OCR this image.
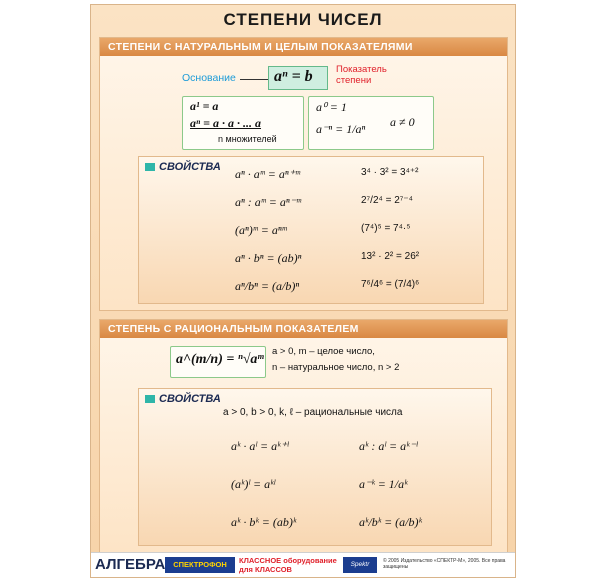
СТЕПЕНИ ЧИСЕЛ
СТЕПЕНИ С НАТУРАЛЬНЫМ И ЦЕЛЫМ ПОКАЗАТЕЛЯМИ
Основание aⁿ = b Показатель степени
a¹ = a
aⁿ = a · a · ... a
n множителей
a⁰ = 1
a⁻ⁿ = 1/aⁿ a ≠ 0
СВОЙСТВА aⁿ · aᵐ = aⁿ⁺ᵐ	3⁴ · 3² = 3⁴⁺²
aⁿ : aᵐ = aⁿ⁻ᵐ	2⁷/2⁴ = 2⁷⁻⁴
(aⁿ)ᵐ = aⁿᵐ	(7⁴)⁵ = 7⁴·⁵
aⁿ · bⁿ = (ab)ⁿ	13² · 2² = 26²
aⁿ/bⁿ = (a/b)ⁿ	7⁶/4⁶ = (7/4)⁶
СТЕПЕНЬ С РАЦИОНАЛЬНЫМ ПОКАЗАТЕЛЕМ
a^(m/n) = ⁿ√aᵐ
a > 0, m – целое число,
n – натуральное число, n > 2
СВОЙСТВА
a > 0, b > 0, k, ℓ – рациональные числа
aᵏ · aˡ = aᵏ⁺ˡ	aᵏ : aˡ = aᵏ⁻ˡ
(aᵏ)ˡ = aᵏˡ	a⁻ᵏ = 1/aᵏ
aᵏ · bᵏ = (ab)ᵏ	aᵏ/bᵏ = (a/b)ᵏ
АЛГЕБРА	СПЕКТРОФОН	КЛАССНОЕ оборудование
для КЛАССОВ
Spektr	© 2005 Издательство «СПЕКТР-М», 2005. Все права защищены
